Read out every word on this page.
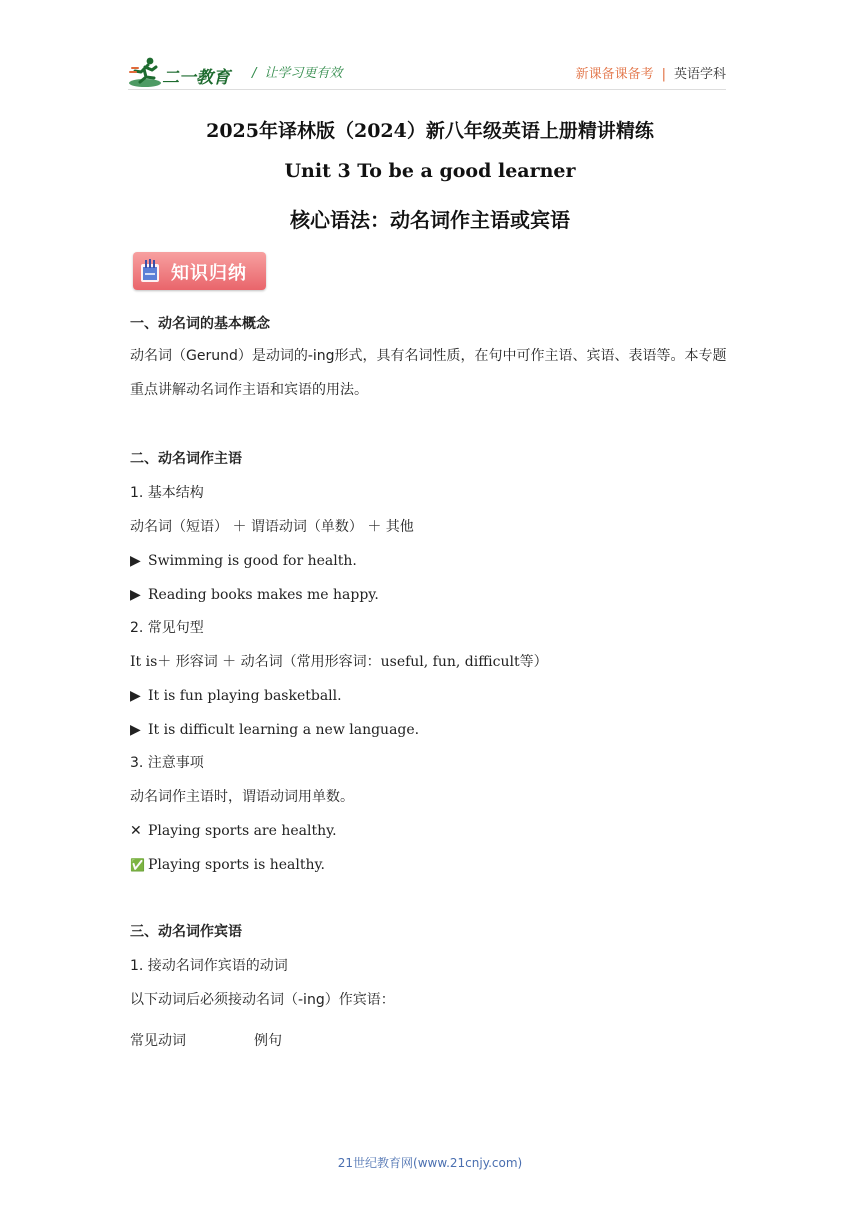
二一教育 / 让学习更有效	新课备课备考 | 英语学科
2025年译林版（2024）新八年级英语上册精讲精练
Unit 3 To be a good learner
核心语法：动名词作主语或宾语
知识归纳
一、动名词的基本概念
动名词（Gerund）是动词的-ing形式，具有名词性质，在句中可作主语、宾语、表语等。本专题重点讲解动名词作主语和宾语的用法。
二、动名词作主语
1. 基本结构
动名词（短语） ＋ 谓语动词（单数） ＋ 其他
▶ Swimming is good for health.
▶ Reading books makes me happy.
2. 常见句型
It is＋ 形容词 ＋ 动名词（常用形容词：useful, fun, difficult等）
▶ It is fun playing basketball.
▶ It is difficult learning a new language.
3. 注意事项
动名词作主语时，谓语动词用单数。
✕ Playing sports are healthy.
✅ Playing sports is healthy.
三、动名词作宾语
1. 接动名词作宾语的动词
以下动词后必须接动名词（-ing）作宾语：
常见动词	例句
21世纪教育网(www.21cnjy.com)
